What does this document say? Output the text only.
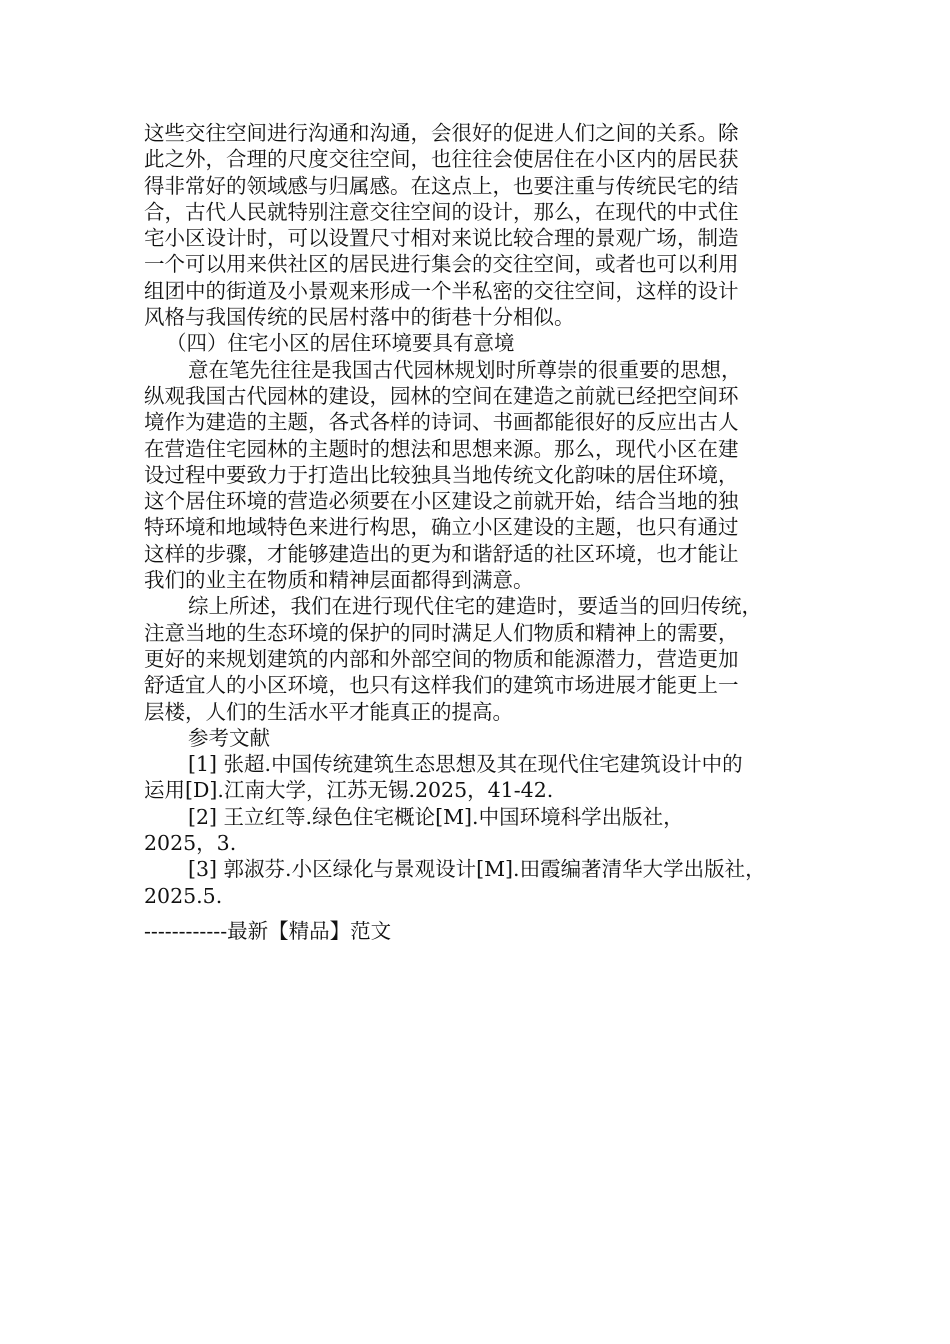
这些交往空间进行沟通和沟通，会很好的促进人们之间的关系。除
此之外，合理的尺度交往空间，也往往会使居住在小区内的居民获
得非常好的领域感与归属感。在这点上，也要注重与传统民宅的结
合，古代人民就特别注意交往空间的设计，那么，在现代的中式住
宅小区设计时，可以设置尺寸相对来说比较合理的景观广场，制造
一个可以用来供社区的居民进行集会的交往空间，或者也可以利用
组团中的街道及小景观来形成一个半私密的交往空间，这样的设计
风格与我国传统的民居村落中的街巷十分相似。
（四）住宅小区的居住环境要具有意境
意在笔先往往是我国古代园林规划时所尊崇的很重要的思想，
纵观我国古代园林的建设，园林的空间在建造之前就已经把空间环
境作为建造的主题，各式各样的诗词、书画都能很好的反应出古人
在营造住宅园林的主题时的想法和思想来源。那么，现代小区在建
设过程中要致力于打造出比较独具当地传统文化韵味的居住环境，
这个居住环境的营造必须要在小区建设之前就开始，结合当地的独
特环境和地域特色来进行构思，确立小区建设的主题，也只有通过
这样的步骤，才能够建造出的更为和谐舒适的社区环境，也才能让
我们的业主在物质和精神层面都得到满意。
综上所述，我们在进行现代住宅的建造时，要适当的回归传统，
注意当地的生态环境的保护的同时满足人们物质和精神上的需要，
更好的来规划建筑的内部和外部空间的物质和能源潜力，营造更加
舒适宜人的小区环境，也只有这样我们的建筑市场进展才能更上一
层楼，人们的生活水平才能真正的提高。
参考文献
[1] 张超.中国传统建筑生态思想及其在现代住宅建筑设计中的
运用[D].江南大学，江苏无锡.2025，41-42.
[2] 王立红等.绿色住宅概论[M].中国环境科学出版社，
2025，3.
[3] 郭淑芬.小区绿化与景观设计[M].田霞编著清华大学出版社，
2025.5.
------------最新【精品】范文
